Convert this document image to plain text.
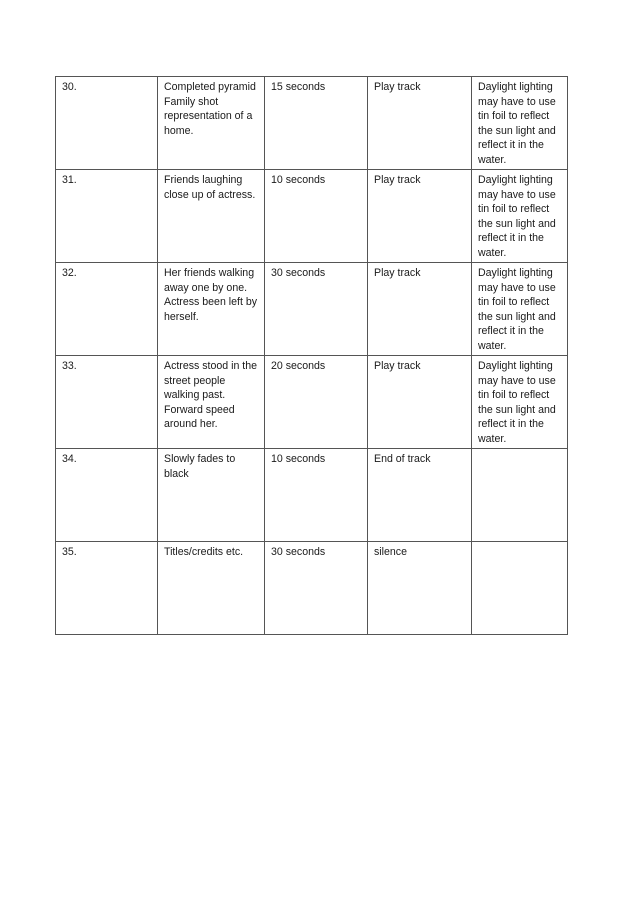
30.	Completed pyramid Family shot representation of a home.	15 seconds	Play track	Daylight lighting may have to use tin foil to reflect the sun light and reflect it in the water.
31.	Friends laughing close up of actress.	10 seconds	Play track	Daylight lighting may have to use tin foil to reflect the sun light and reflect it in the water.
32.	Her friends walking away one by one. Actress been left by herself.	30 seconds	Play track	Daylight lighting may have to use tin foil to reflect the sun light and reflect it in the water.
33.	Actress stood in the street people walking past. Forward speed around her.	20 seconds	Play track	Daylight lighting may have to use tin foil to reflect the sun light and reflect it in the water.
34.	Slowly fades to black	10 seconds	End of track	
35.	Titles/credits etc.	30 seconds	silence	
